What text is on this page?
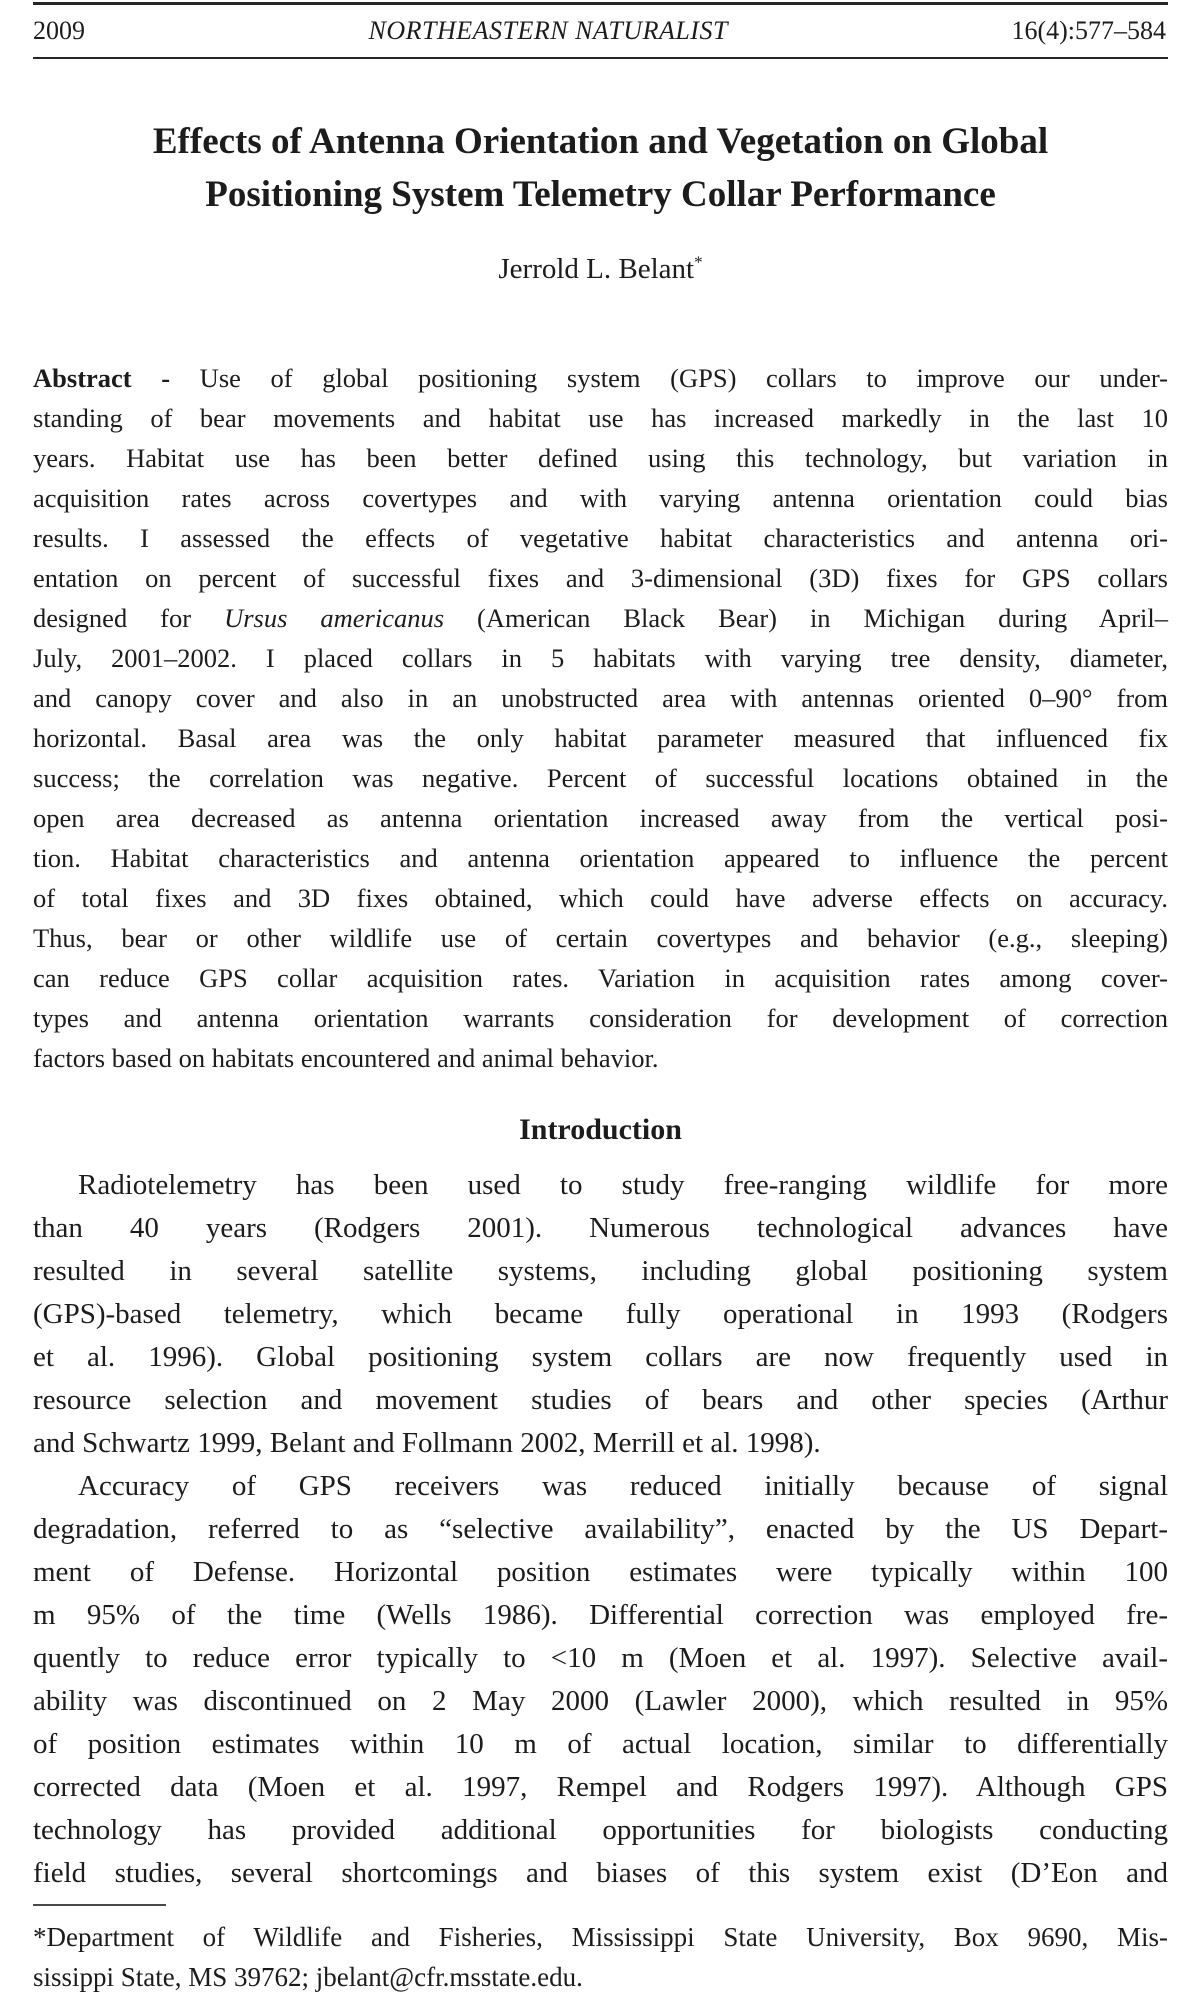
2009	NORTHEASTERN NATURALIST	16(4):577–584
Effects of Antenna Orientation and Vegetation on Global
Positioning System Telemetry Collar Performance
Jerrold L. Belant*
Abstract - Use of global positioning system (GPS) collars to improve our under-
standing of bear movements and habitat use has increased markedly in the last 10
years. Habitat use has been better defined using this technology, but variation in
acquisition rates across covertypes and with varying antenna orientation could bias
results. I assessed the effects of vegetative habitat characteristics and antenna ori-
entation on percent of successful fixes and 3-dimensional (3D) fixes for GPS collars
designed for Ursus americanus (American Black Bear) in Michigan during April–
July, 2001–2002. I placed collars in 5 habitats with varying tree density, diameter,
and canopy cover and also in an unobstructed area with antennas oriented 0–90° from
horizontal. Basal area was the only habitat parameter measured that influenced fix
success; the correlation was negative. Percent of successful locations obtained in the
open area decreased as antenna orientation increased away from the vertical posi-
tion. Habitat characteristics and antenna orientation appeared to influence the percent
of total fixes and 3D fixes obtained, which could have adverse effects on accuracy.
Thus, bear or other wildlife use of certain covertypes and behavior (e.g., sleeping)
can reduce GPS collar acquisition rates. Variation in acquisition rates among cover-
types and antenna orientation warrants consideration for development of correction
factors based on habitats encountered and animal behavior.
Introduction
Radiotelemetry has been used to study free-ranging wildlife for more
than 40 years (Rodgers 2001). Numerous technological advances have
resulted in several satellite systems, including global positioning system
(GPS)-based telemetry, which became fully operational in 1993 (Rodgers
et al. 1996). Global positioning system collars are now frequently used in
resource selection and movement studies of bears and other species (Arthur
and Schwartz 1999, Belant and Follmann 2002, Merrill et al. 1998).
Accuracy of GPS receivers was reduced initially because of signal
degradation, referred to as “selective availability”, enacted by the US Depart-
ment of Defense. Horizontal position estimates were typically within 100
m 95% of the time (Wells 1986). Differential correction was employed fre-
quently to reduce error typically to <10 m (Moen et al. 1997). Selective avail-
ability was discontinued on 2 May 2000 (Lawler 2000), which resulted in 95%
of position estimates within 10 m of actual location, similar to differentially
corrected data (Moen et al. 1997, Rempel and Rodgers 1997). Although GPS
technology has provided additional opportunities for biologists conducting
field studies, several shortcomings and biases of this system exist (D’Eon and
*Department of Wildlife and Fisheries, Mississippi State University, Box 9690, Mis-
sissippi State, MS 39762; jbelant@cfr.msstate.edu.
